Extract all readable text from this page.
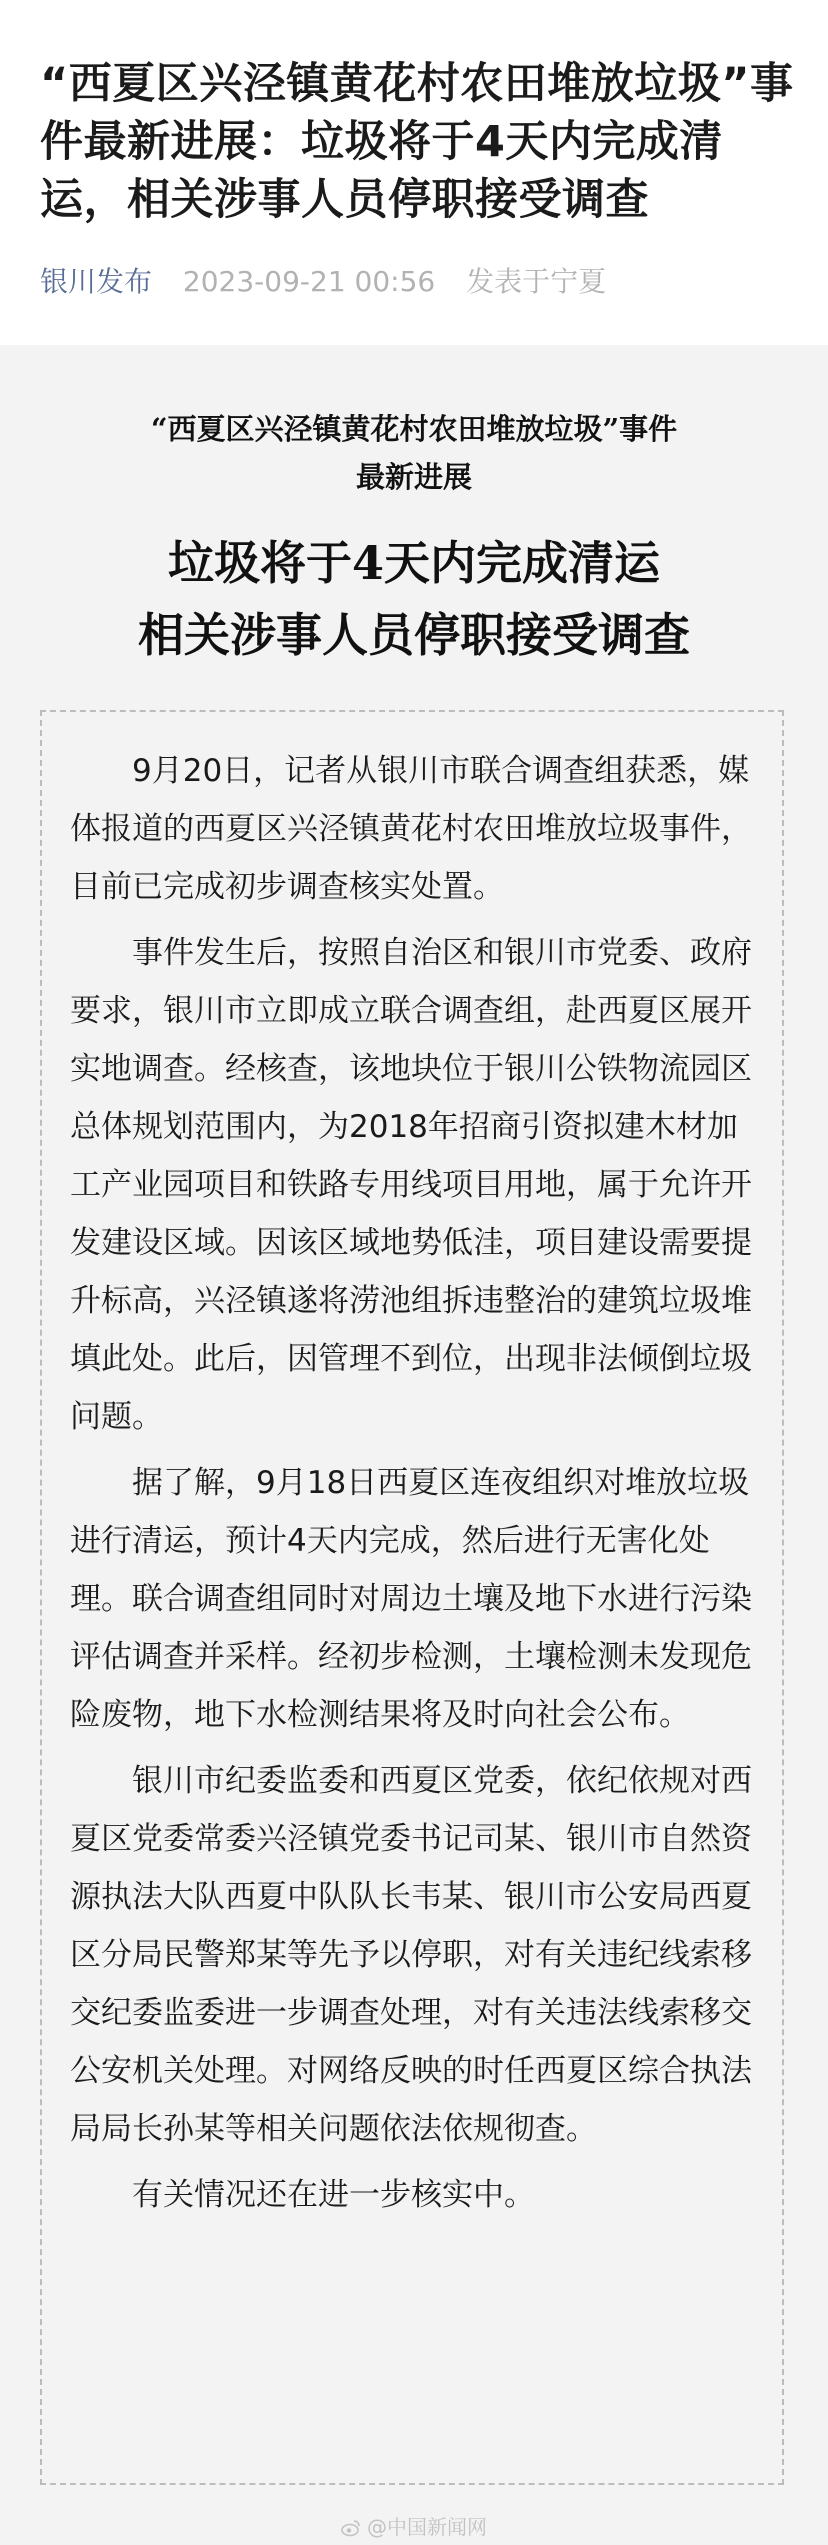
“西夏区兴泾镇黄花村农田堆放垃圾”事件最新进展：垃圾将于4天内完成清运，相关涉事人员停职接受调查
银川发布 2023-09-21 00:56 发表于宁夏
“西夏区兴泾镇黄花村农田堆放垃圾”事件
最新进展
垃圾将于4天内完成清运
相关涉事人员停职接受调查

9月20日，记者从银川市联合调查组获悉，媒体报道的西夏区兴泾镇黄花村农田堆放垃圾事件，目前已完成初步调查核实处置。

事件发生后，按照自治区和银川市党委、政府要求，银川市立即成立联合调查组，赴西夏区展开实地调查。经核查，该地块位于银川公铁物流园区总体规划范围内，为2018年招商引资拟建木材加工产业园项目和铁路专用线项目用地，属于允许开发建设区域。因该区域地势低洼，项目建设需要提升标高，兴泾镇遂将涝池组拆违整治的建筑垃圾堆填此处。此后，因管理不到位，出现非法倾倒垃圾问题。

据了解，9月18日西夏区连夜组织对堆放垃圾进行清运，预计4天内完成，然后进行无害化处理。联合调查组同时对周边土壤及地下水进行污染评估调查并采样。经初步检测，土壤检测未发现危险废物，地下水检测结果将及时向社会公布。

银川市纪委监委和西夏区党委，依纪依规对西夏区党委常委兴泾镇党委书记司某、银川市自然资源执法大队西夏中队队长韦某、银川市公安局西夏区分局民警郑某等先予以停职，对有关违纪线索移交纪委监委进一步调查处理，对有关违法线索移交公安机关处理。对网络反映的时任西夏区综合执法局局长孙某等相关问题依法依规彻查。

有关情况还在进一步核实中。

@中国新闻网
